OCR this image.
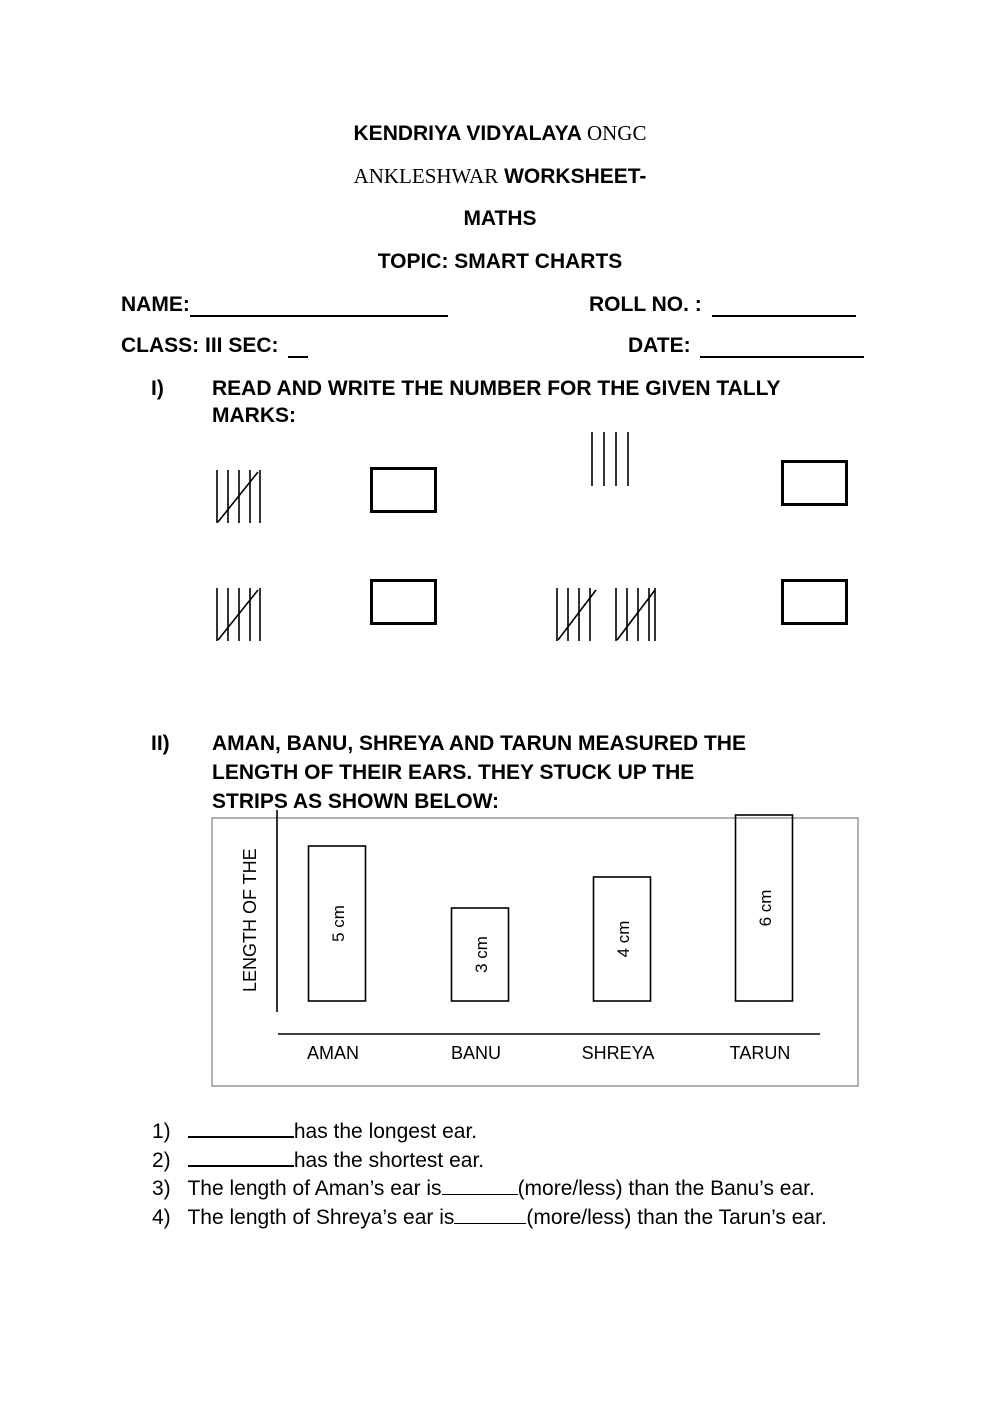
KENDRIYA VIDYALAYA ONGC
ANKLESHWAR WORKSHEET-
MATHS
TOPIC: SMART CHARTS
NAME:	ROLL NO. :
CLASS: III SEC:	DATE:
I) READ AND WRITE THE NUMBER FOR THE GIVEN TALLY
MARKS:
II) AMAN, BANU, SHREYA AND TARUN MEASURED THE
LENGTH OF THEIR EARS. THEY STUCK UP THE
STRIPS AS SHOWN BELOW:
LENGTH OF THE	5 cm
3 cm	4 cm
6 cm
AMAN	BANU	SHREYA	TARUN
1)	has the longest ear.
2)	has the shortest ear.
3) The length of Aman’s ear is	(more/less) than the Banu’s ear.
4) The length of Shreya’s ear is	(more/less) than the Tarun’s ear.
